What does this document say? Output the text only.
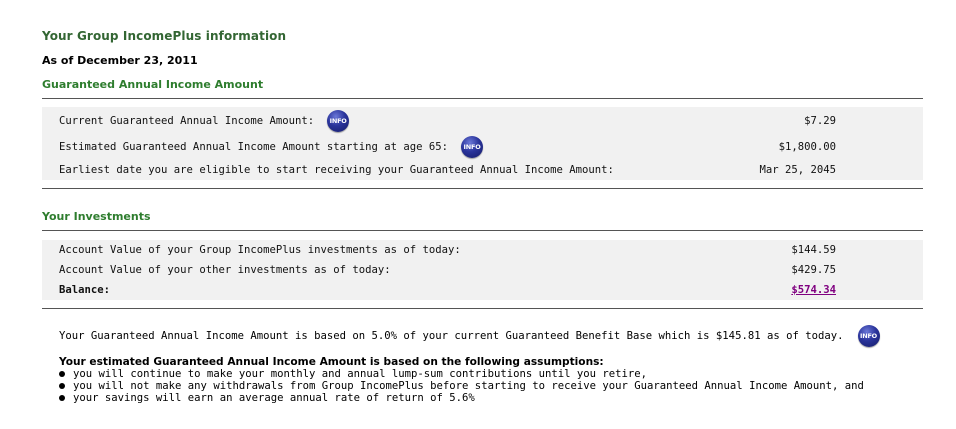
Your Group IncomePlus information
As of December 23, 2011
Guaranteed Annual Income Amount
Current Guaranteed Annual Income Amount:	INFO	$7.29
Estimated Guaranteed Annual Income Amount starting at age 65:	INFO	$1,800.00
Earliest date you are eligible to start receiving your Guaranteed Annual Income Amount:	Mar 25, 2045
Your Investments
Account Value of your Group IncomePlus investments as of today:	$144.59
Account Value of your other investments as of today:	$429.75
Balance:	$574.34
Your Guaranteed Annual Income Amount is based on 5.0% of your current Guaranteed Benefit Base which is $145.81 as of today.	INFO
Your estimated Guaranteed Annual Income Amount is based on the following assumptions:
you will continue to make your monthly and annual lump-sum contributions until you retire,
you will not make any withdrawals from Group IncomePlus before starting to receive your Guaranteed Annual Income Amount, and
your savings will earn an average annual rate of return of 5.6%
